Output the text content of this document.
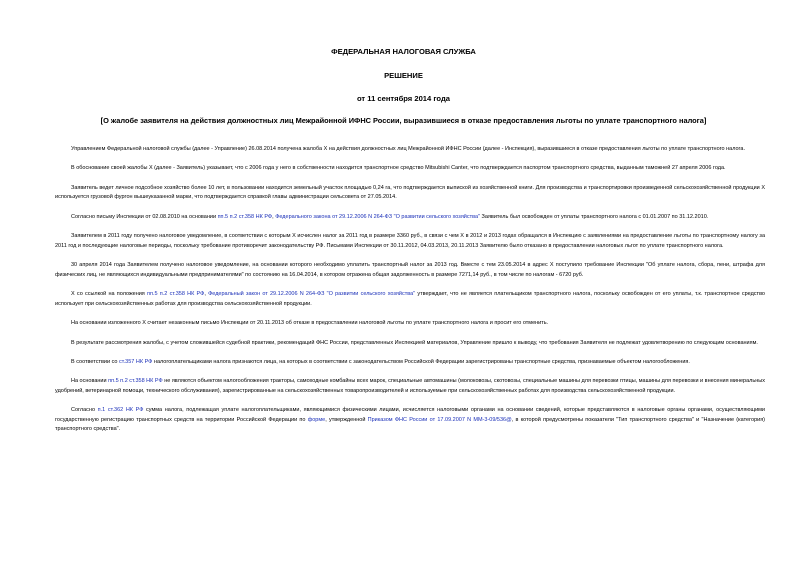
ФЕДЕРАЛЬНАЯ НАЛОГОВАЯ СЛУЖБА

РЕШЕНИЕ

от 11 сентября 2014 года

[О жалобе заявителя на действия должностных лиц Межрайонной ИФНС России, выразившиеся в отказе предоставления льготы по уплате транспортного налога]

Управлением Федеральной налоговой службы (далее - Управление) 26.08.2014 получена жалоба Х на действия должностных лиц Межрайонной ИФНС России (далее - Инспекция), выразившиеся в отказе предоставления льготы по уплате транспортного налога.

В обоснование своей жалобы Х (далее - Заявитель) указывает, что с 2006 года у него в собственности находится транспортное средство Mitsubishi Canter, что подтверждается паспортом транспортного средства, выданным таможней 27 апреля 2006 года.

Заявитель ведет личное подсобное хозяйство более 10 лет, в пользовании находится земельный участок площадью 0,24 га, что подтверждается выпиской из хозяйственной книги. Для производства и транспортировки произведенной сельскохозяйственной продукции Х используется грузовой фургон вышеуказанной марки, что подтверждается справкой главы администрации сельсовета от 27.05.2014.

Согласно письму Инспекции от 02.08.2010 на основании пп.5 п.2 ст.358 НК РФ, Федерального закона от 29.12.2006 N 264-ФЗ "О развитии сельского хозяйства" Заявитель был освобожден от уплаты транспортного налога с 01.01.2007 по 31.12.2010.

Заявителем в 2011 году получено налоговое уведомление, в соответствии с которым Х исчислен налог за 2011 год в размере 3360 руб., в связи с чем Х в 2012 и 2013 годах обращался в Инспекцию с заявлениями на предоставление льготы по транспортному налогу за 2011 год и последующие налоговые периоды, поскольку требование противоречит законодательству РФ. Письмами Инспекции от 30.11.2012, 04.03.2013, 20.11.2013 Заявителю было отказано в предоставлении налоговых льгот по уплате транспортного налога.

30 апреля 2014 года Заявителем получено налоговое уведомление, на основании которого необходимо уплатить транспортный налог за 2013 год. Вместе с тем 23.05.2014 в адрес Х поступило требование Инспекции "Об уплате налога, сбора, пени, штрафа для физических лиц, не являющихся индивидуальными предпринимателями" по состоянию на 16.04.2014, в котором отражена общая задолженность в размере 7271,14 руб., в том числе по налогам - 6720 руб.

Х со ссылкой на положения пп.5 п.2 ст.358 НК РФ, Федеральный закон от 29.12.2006 N 264-ФЗ "О развитии сельского хозяйства" утверждает, что не является плательщиком транспортного налога, поскольку освобожден от его уплаты, т.к. транспортное средство использует при сельскохозяйственных работах для производства сельскохозяйственной продукции.

На основании изложенного Х считает незаконным письмо Инспекции от 20.11.2013 об отказе в предоставлении налоговой льготы по уплате транспортного налога и просит его отменить.

В результате рассмотрения жалобы, с учетом сложившейся судебной практики, рекомендаций ФНС России, представленных Инспекцией материалов, Управление пришло к выводу, что требования Заявителя не подлежат удовлетворению по следующим основаниям.

В соответствии со ст.357 НК РФ налогоплательщиками налога признаются лица, на которых в соответствии с законодательством Российской Федерации зарегистрированы транспортные средства, признаваемые объектом налогообложения.

На основании пп.5 п.2 ст.358 НК РФ не являются объектом налогообложения тракторы, самоходные комбайны всех марок, специальные автомашины (молоковозы, скотовозы, специальные машины для перевозки птицы, машины для перевозки и внесения минеральных удобрений, ветеринарной помощи, технического обслуживания), зарегистрированные на сельскохозяйственных товаропроизводителей и используемые при сельскохозяйственных работах для производства сельскохозяйственной продукции.

Согласно п.1 ст.362 НК РФ сумма налога, подлежащая уплате налогоплательщиками, являющимися физическими лицами, исчисляется налоговыми органами на основании сведений, которые представляются в налоговые органы органами, осуществляющими государственную регистрацию транспортных средств на территории Российской Федерации по форме, утвержденной Приказом ФНС России от 17.09.2007 N ММ-3-09/536@, в которой предусмотрены показатели "Тип транспортного средства" и "Назначение (категория) транспортного средства".
